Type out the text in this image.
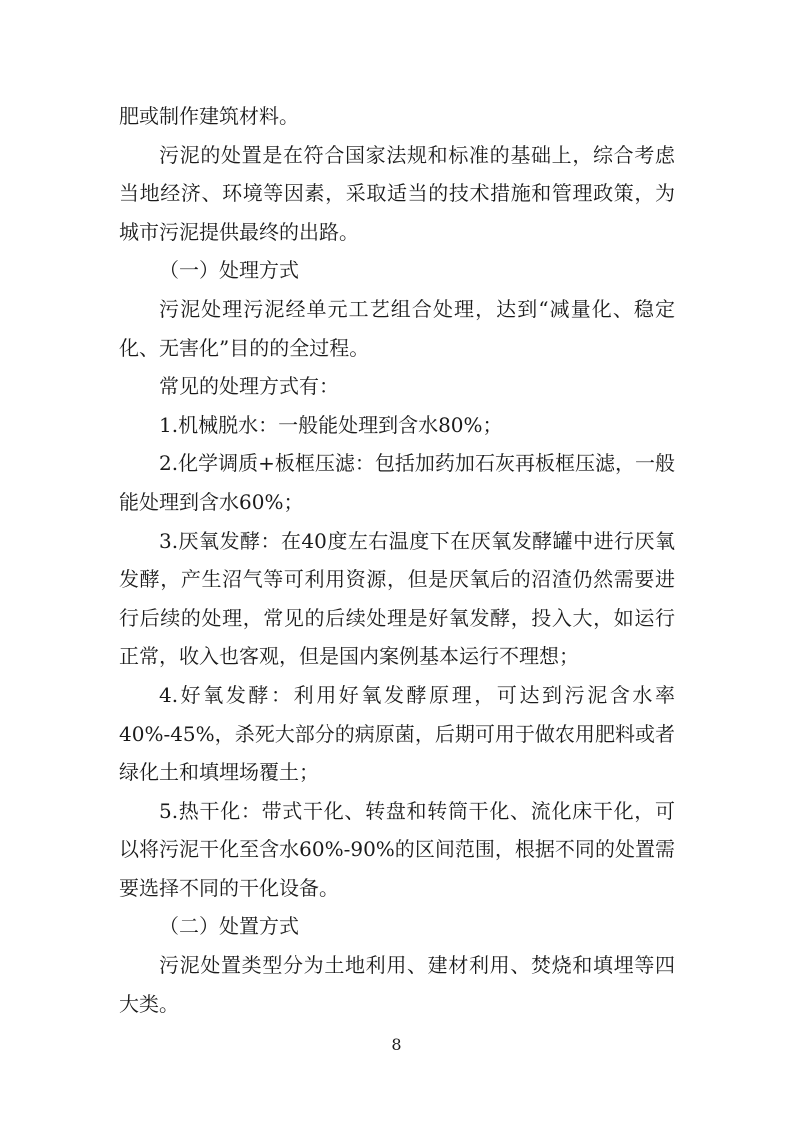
肥或制作建筑材料。

污泥的处置是在符合国家法规和标准的基础上，综合考虑当地经济、环境等因素，采取适当的技术措施和管理政策，为城市污泥提供最终的出路。

（一）处理方式

污泥处理污泥经单元工艺组合处理，达到“减量化、稳定化、无害化”目的的全过程。

常见的处理方式有：

1.机械脱水：一般能处理到含水80%；

2.化学调质+板框压滤：包括加药加石灰再板框压滤，一般能处理到含水60%；

3.厌氧发酵：在40度左右温度下在厌氧发酵罐中进行厌氧发酵，产生沼气等可利用资源，但是厌氧后的沼渣仍然需要进行后续的处理，常见的后续处理是好氧发酵，投入大，如运行正常，收入也客观，但是国内案例基本运行不理想；

4.好氧发酵：利用好氧发酵原理，可达到污泥含水率40%-45%，杀死大部分的病原菌，后期可用于做农用肥料或者绿化土和填埋场覆土；

5.热干化：带式干化、转盘和转筒干化、流化床干化，可以将污泥干化至含水60%-90%的区间范围，根据不同的处置需要选择不同的干化设备。

（二）处置方式

污泥处置类型分为土地利用、建材利用、焚烧和填埋等四大类。

8
